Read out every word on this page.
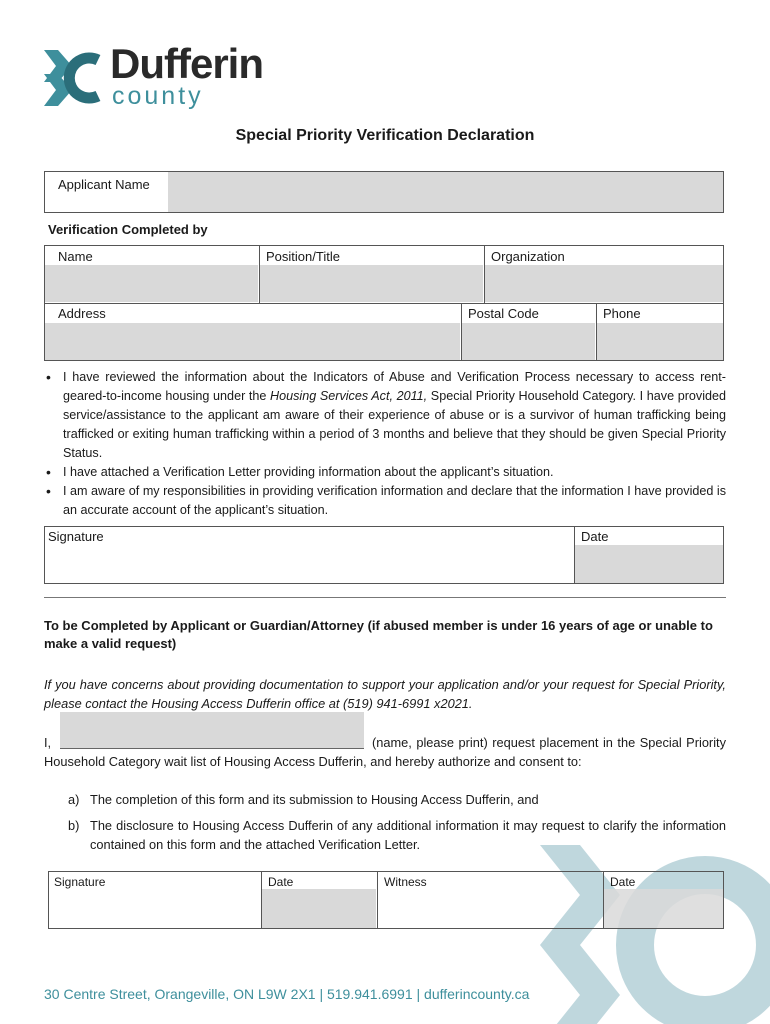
Dufferin
county
Special Priority Verification Declaration
Applicant Name
Verification Completed by
Name	Position/Title	Organization
Address	Postal Code	Phone
• I have reviewed the information about the Indicators of Abuse and Verification Process necessary to access rent-geared-to-income housing under the Housing Services Act, 2011, Special Priority Household Category. I have provided service/assistance to the applicant am aware of their experience of abuse or is a survivor of human trafficking being trafficked or exiting human trafficking within a period of 3 months and believe that they should be given Special Priority Status.
• I have attached a Verification Letter providing information about the applicant’s situation.
• I am aware of my responsibilities in providing verification information and declare that the information I have provided is an accurate account of the applicant’s situation.
Signature	Date
To be Completed by Applicant or Guardian/Attorney (if abused member is under 16 years of age or unable to make a valid request)
If you have concerns about providing documentation to support your application and/or your request for Special Priority, please contact the Housing Access Dufferin office at (519) 941-6991 x2021.
I,	(name, please print) request placement in the Special Priority Household Category wait list of Housing Access Dufferin, and hereby authorize and consent to:
a) The completion of this form and its submission to Housing Access Dufferin, and
b) The disclosure to Housing Access Dufferin of any additional information it may request to clarify the information contained on this form and the attached Verification Letter.
Signature	Date	Witness	Date
30 Centre Street, Orangeville, ON L9W 2X1 | 519.941.6991 | dufferincounty.ca
